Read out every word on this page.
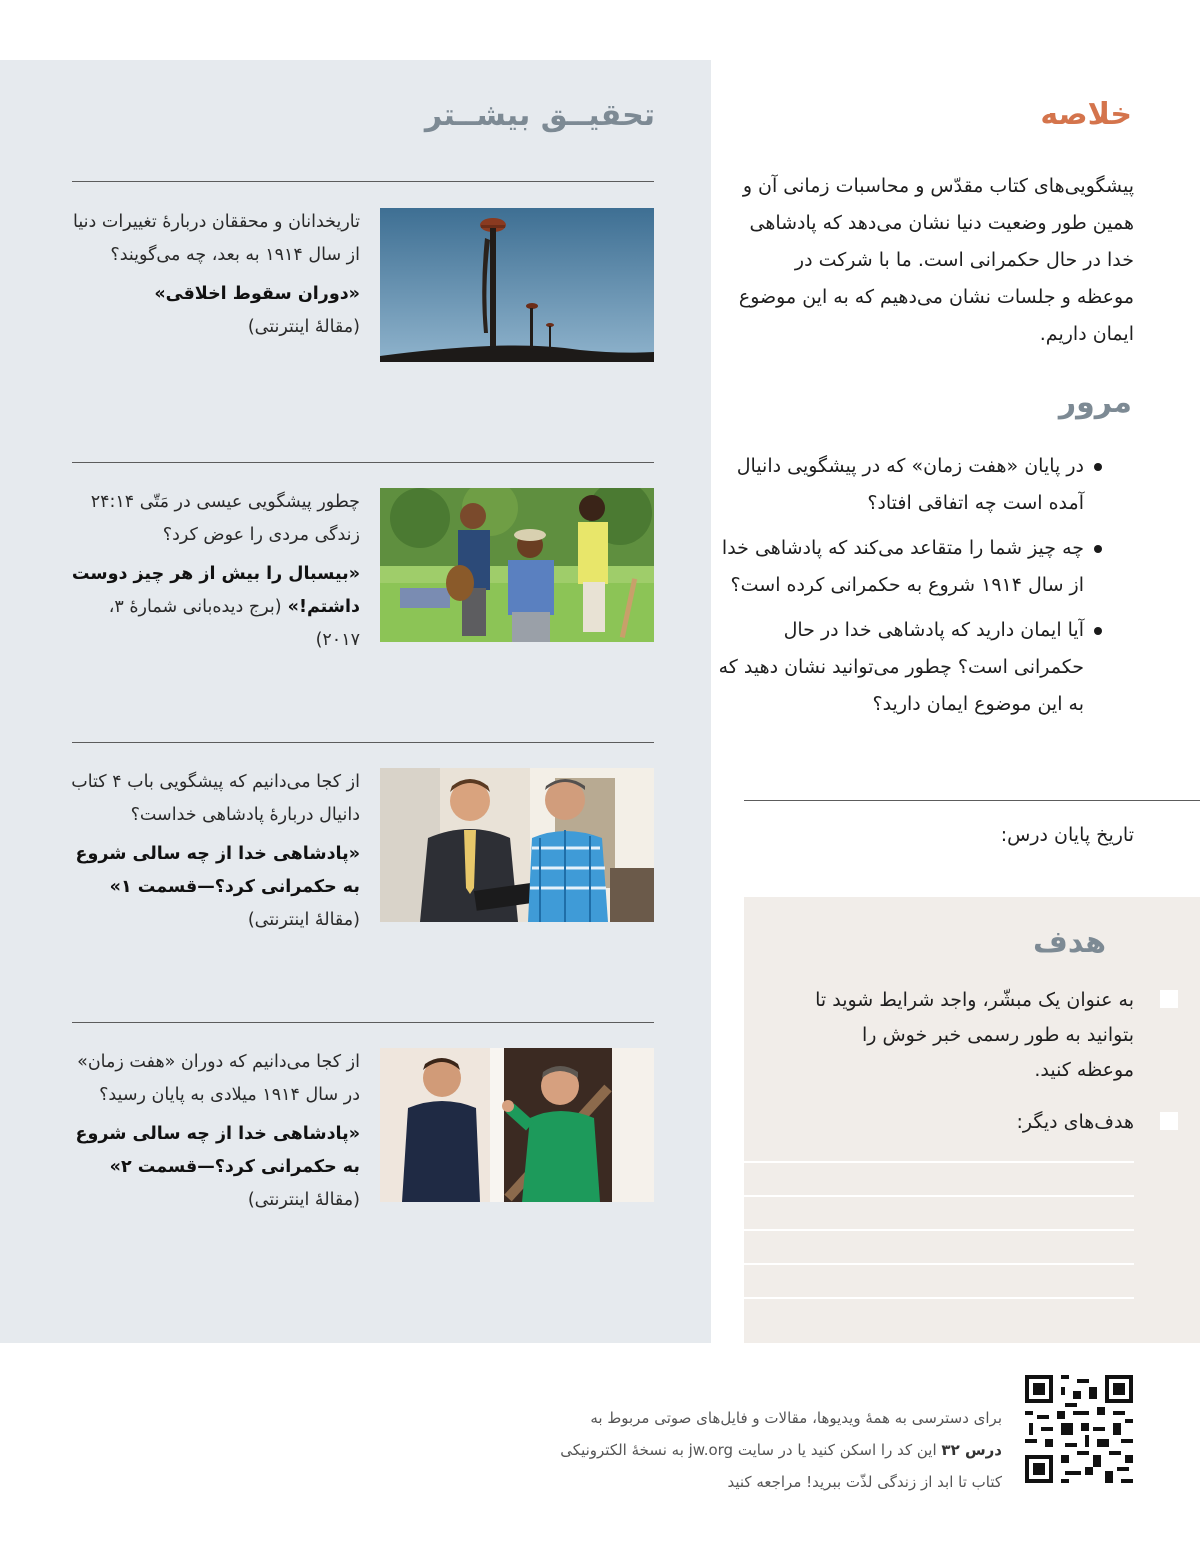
تحقیــق بیشــتر

تاریخدانان و محققان دربارهٔ تغییرات دنیا از سال ۱۹۱۴ به بعد، چه می‌گویند؟

«دوران سقوط اخلاقی»

(مقالهٔ اینترنتی)

چطور پیشگویی عیسی در مَتّی ۲۴:۱۴ زندگی مردی را عوض کرد؟

«بیسبال را بیش از هر چیز دوست داشتم!» (برج دیده‌بانی شمارهٔ ۳، ۲۰۱۷)

از کجا می‌دانیم که پیشگویی باب ۴ کتاب دانیال دربارهٔ پادشاهی خداست؟

«پادشاهی خدا از چه سالی شروع به حکمرانی کرد؟—قسمت ۱»

(مقالهٔ اینترنتی)

از کجا می‌دانیم که دوران «هفت زمان» در سال ۱۹۱۴ میلادی به پایان رسید؟

«پادشاهی خدا از چه سالی شروع به حکمرانی کرد؟—قسمت ۲»

(مقالهٔ اینترنتی)

خلاصه

پیشگویی‌های کتاب مقدّس و محاسبات زمانی آن و همین طور وضعیت دنیا نشان می‌دهد که پادشاهی خدا در حال حکمرانی است. ما با شرکت در موعظه و جلسات نشان می‌دهیم که به این موضوع ایمان داریم.

مرور
در پایان «هفت زمان» که در پیشگویی دانیال آمده است چه اتفاقی افتاد؟
چه چیز شما را متقاعد می‌کند که پادشاهی خدا از سال ۱۹۱۴ شروع به حکمرانی کرده است؟
آیا ایمان دارید که پادشاهی خدا در حال حکمرانی است؟ چطور می‌توانید نشان دهید که به این موضوع ایمان دارید؟

تاریخ پایان درس:

هدف

به عنوان یک مبشّر، واجد شرایط شوید تا بتوانید به طور رسمی خبر خوش را موعظه کنید.

هدف‌های دیگر:

برای دسترسی به همهٔ ویدیوها، مقالات و فایل‌های صوتی مربوط به

درس ۳۲ این کد را اسکن کنید یا در سایت jw.org به نسخهٔ الکترونیکی

کتاب تا ابد از زندگی لذّت ببرید! مراجعه کنید
